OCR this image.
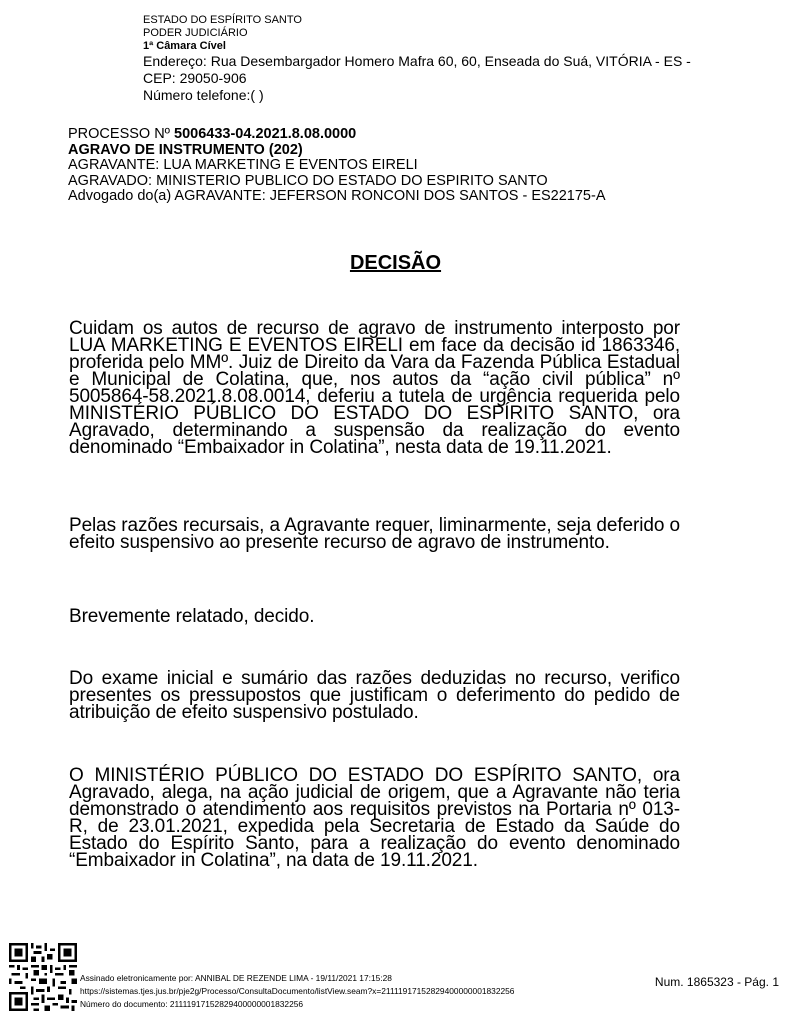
ESTADO DO ESPÍRITO SANTO
PODER JUDICIÁRIO
1ª Câmara Cível
Endereço: Rua Desembargador Homero Mafra 60, 60, Enseada do Suá, VITÓRIA - ES - CEP: 29050-906
Número telefone:( )
PROCESSO Nº 5006433-04.2021.8.08.0000
AGRAVO DE INSTRUMENTO (202)
AGRAVANTE: LUA MARKETING E EVENTOS EIRELI
AGRAVADO: MINISTERIO PUBLICO DO ESTADO DO ESPIRITO SANTO
Advogado do(a) AGRAVANTE: JEFERSON RONCONI DOS SANTOS - ES22175-A
DECISÃO
Cuidam os autos de recurso de agravo de instrumento interposto por LUA MARKETING E EVENTOS EIRELI em face da decisão id 1863346, proferida pelo MMº. Juiz de Direito da Vara da Fazenda Pública Estadual e Municipal de Colatina, que, nos autos da “ação civil pública” nº 5005864-58.2021.8.08.0014, deferiu a tutela de urgência requerida pelo MINISTÉRIO PÚBLICO DO ESTADO DO ESPÍRITO SANTO, ora Agravado, determinando a suspensão da realização do evento denominado “Embaixador in Colatina”, nesta data de 19.11.2021.
Pelas razões recursais, a Agravante requer, liminarmente, seja deferido o efeito suspensivo ao presente recurso de agravo de instrumento.
Brevemente relatado, decido.
Do exame inicial e sumário das razões deduzidas no recurso, verifico presentes os pressupostos que justificam o deferimento do pedido de atribuição de efeito suspensivo postulado.
O MINISTÉRIO PÚBLICO DO ESTADO DO ESPÍRITO SANTO, ora Agravado, alega, na ação judicial de origem, que a Agravante não teria demonstrado o atendimento aos requisitos previstos na Portaria nº 013-R, de 23.01.2021, expedida pela Secretaria de Estado da Saúde do Estado do Espírito Santo, para a realização do evento denominado “Embaixador in Colatina”, na data de 19.11.2021.
Assinado eletronicamente por: ANNIBAL DE REZENDE LIMA - 19/11/2021 17:15:28
https://sistemas.tjes.jus.br/pje2g/Processo/ConsultaDocumento/listView.seam?x=21111917152829400000001832256
Número do documento: 21111917152829400000001832256
Num. 1865323 - Pág. 1
